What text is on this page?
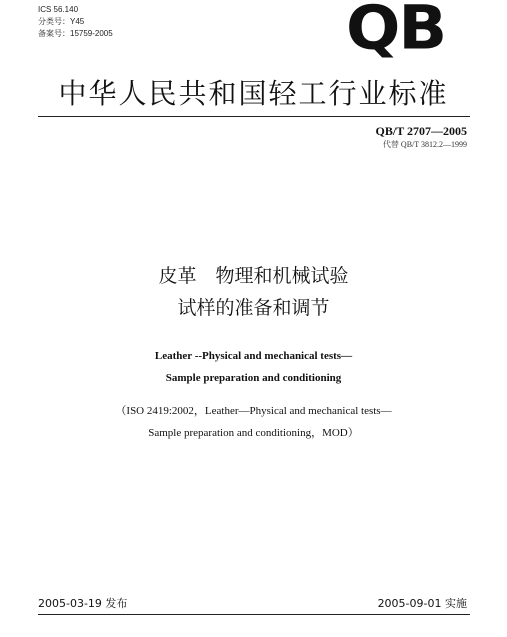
ICS 56.140
分类号：Y45
备案号：15759-2005	QB
中华人民共和国轻工行业标准
QB/T 2707—2005
代替 QB/T 3812.2—1999
皮革　物理和机械试验
试样的准备和调节
Leather --Physical and mechanical tests—
Sample preparation and conditioning
（ISO 2419:2002，Leather—Physical and mechanical tests—
Sample preparation and conditioning，MOD）
2005-03-19 发布	2005-09-01 实施
